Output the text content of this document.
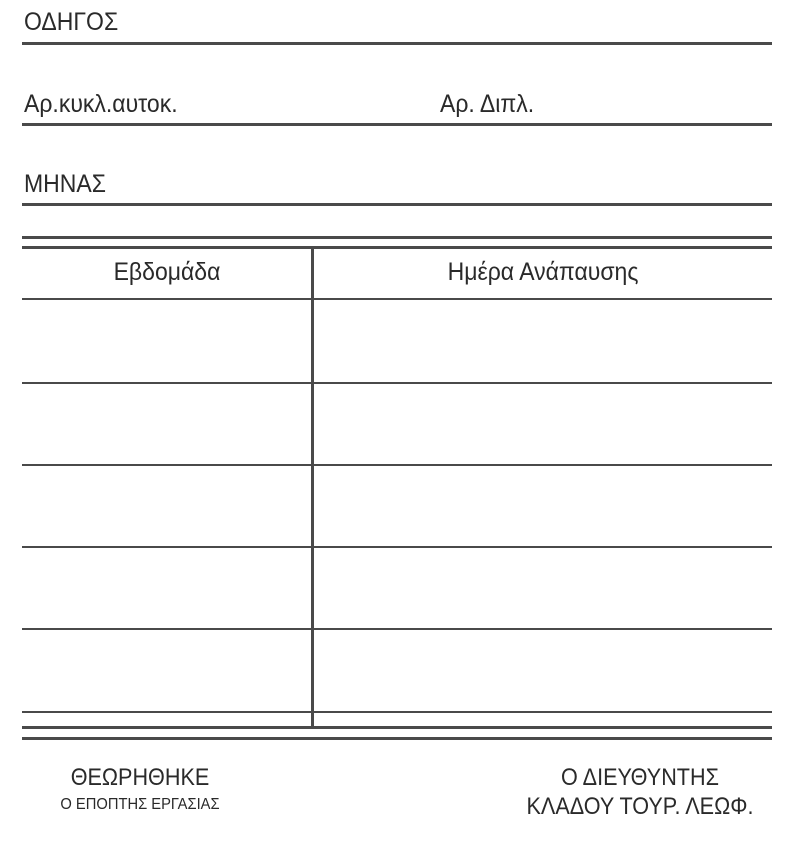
ΟΔΗΓΟΣ
Αρ.κυκλ.αυτοκ.	Αρ. Διπλ.
ΜΗΝΑΣ
Εβδομάδα	Ημέρα Ανάπαυσης
ΘΕΩΡΗΘΗΚΕ
Ο ΕΠΟΠΤΗΣ ΕΡΓΑΣΙΑΣ
Ο ΔΙΕΥΘΥΝΤΗΣ
ΚΛΑΔΟΥ ΤΟΥΡ. ΛΕΩΦ.
